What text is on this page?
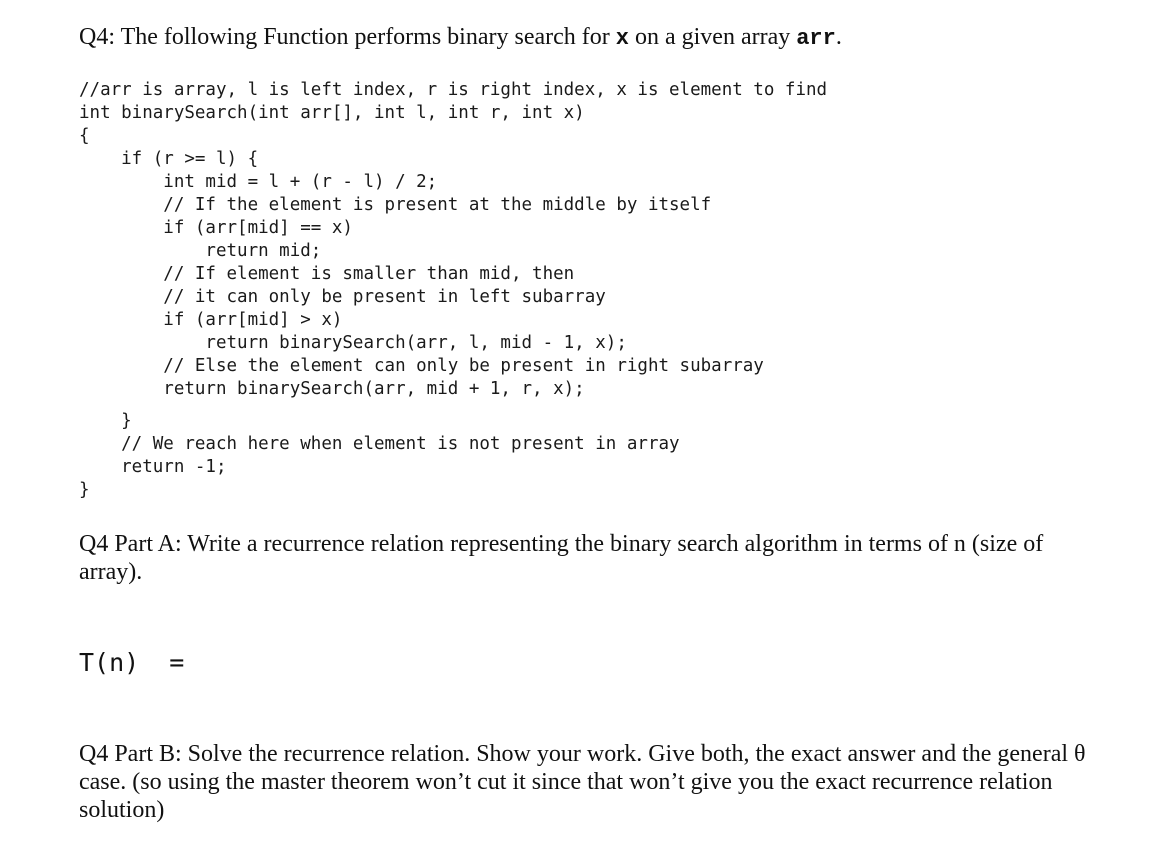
Q4: The following Function performs binary search for x on a given array arr.
//arr is array, l is left index, r is right index, x is element to find
int binarySearch(int arr[], int l, int r, int x)
{
if (r >= l) {
int mid = l + (r - l) / 2;
// If the element is present at the middle by itself
if (arr[mid] == x)
return mid;
// If element is smaller than mid, then
// it can only be present in left subarray
if (arr[mid] > x)
return binarySearch(arr, l, mid - 1, x);
// Else the element can only be present in right subarray
return binarySearch(arr, mid + 1, r, x);
}
// We reach here when element is not present in array
return -1;
}
Q4 Part A: Write a recurrence relation representing the binary search algorithm in terms of n (size of array).
T(n)  =
Q4 Part B: Solve the recurrence relation. Show your work. Give both, the exact answer and the general θ case. (so using the master theorem won’t cut it since that won’t give you the exact recurrence relation solution)
